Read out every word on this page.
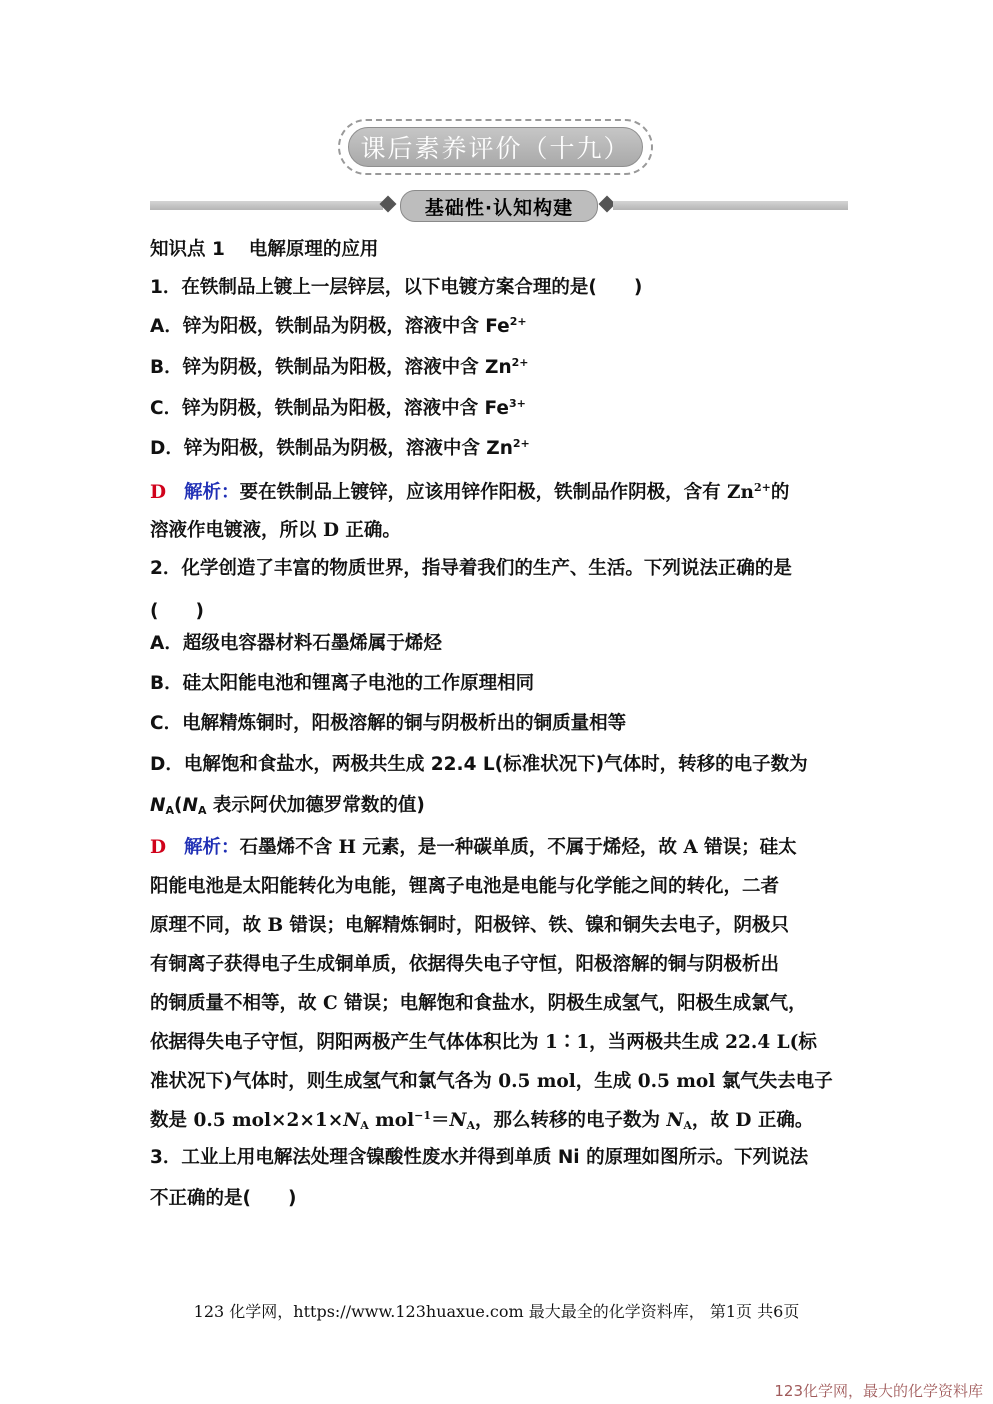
课后素养评价（十九）
基础性·认知构建
知识点 1 电解原理的应用
1．在铁制品上镀上一层锌层，以下电镀方案合理的是(　　)
A．锌为阳极，铁制品为阴极，溶液中含 $Fe^{2+}$
B．锌为阴极，铁制品为阳极，溶液中含 $Zn^{2+}$
C．锌为阴极，铁制品为阳极，溶液中含 $Fe^{3+}$
D．锌为阳极，铁制品为阴极，溶液中含 $Zn^{2+}$
D 解析：要在铁制品上镀锌，应该用锌作阳极，铁制品作阴极，含有 $Zn^{2+}$的
溶液作电镀液，所以 D 正确。
2．化学创造了丰富的物质世界，指导着我们的生产、生活。下列说法正确的是
(　　)
A．超级电容器材料石墨烯属于烯烃
B．硅太阳能电池和锂离子电池的工作原理相同
C．电解精炼铜时，阳极溶解的铜与阴极析出的铜质量相等
D．电解饱和食盐水，两极共生成 22.4 L(标准状况下)气体时，转移的电子数为
$N_A(N_A$ 表示阿伏加德罗常数的值)
D 解析：石墨烯不含 H 元素，是一种碳单质，不属于烯烃，故 A 错误；硅太
阳能电池是太阳能转化为电能，锂离子电池是电能与化学能之间的转化，二者
原理不同，故 B 错误；电解精炼铜时，阳极锌、铁、镍和铜失去电子，阴极只
有铜离子获得电子生成铜单质，依据得失电子守恒，阳极溶解的铜与阴极析出
的铜质量不相等，故 C 错误；电解饱和食盐水，阴极生成氢气，阳极生成氯气，
依据得失电子守恒，阴阳两极产生气体体积比为 1∶1，当两极共生成 22.4 L(标
准状况下)气体时，则生成氢气和氯气各为 0.5 mol，生成 0.5 mol 氯气失去电子
数是 0.5 $mol\times 2\times 1\times N_A$ $mol^{-1}=N_A$，那么转移的电子数为 $N_A$，故 D 正确。
3．工业上用电解法处理含镍酸性废水并得到单质 Ni 的原理如图所示。下列说法
不正确的是(　　)
123 化学网，https://www.123huaxue.com 最大最全的化学资料库， 第1页 共6页
123化学网，最大的化学资料库
